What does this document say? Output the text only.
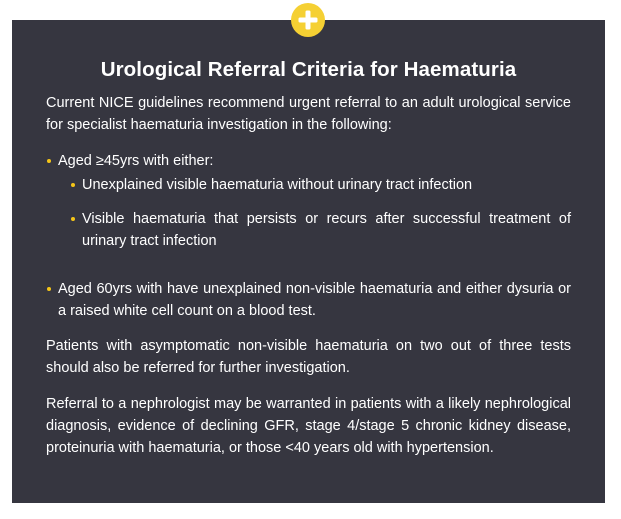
Urological Referral Criteria for Haematuria

Current NICE guidelines recommend urgent referral to an adult urological service for specialist haematuria investigation in the following:

Aged ≥45yrs with either:
Unexplained visible haematuria without urinary tract infection
Visible haematuria that persists or recurs after successful treatment of urinary tract infection
Aged 60yrs with have unexplained non-visible haematuria and either dysuria or a raised white cell count on a blood test.

Patients with asymptomatic non-visible haematuria on two out of three tests should also be referred for further investigation.

Referral to a nephrologist may be warranted in patients with a likely nephrological diagnosis, evidence of declining GFR, stage 4/stage 5 chronic kidney disease, proteinuria with haematuria, or those <40 years old with hypertension.
